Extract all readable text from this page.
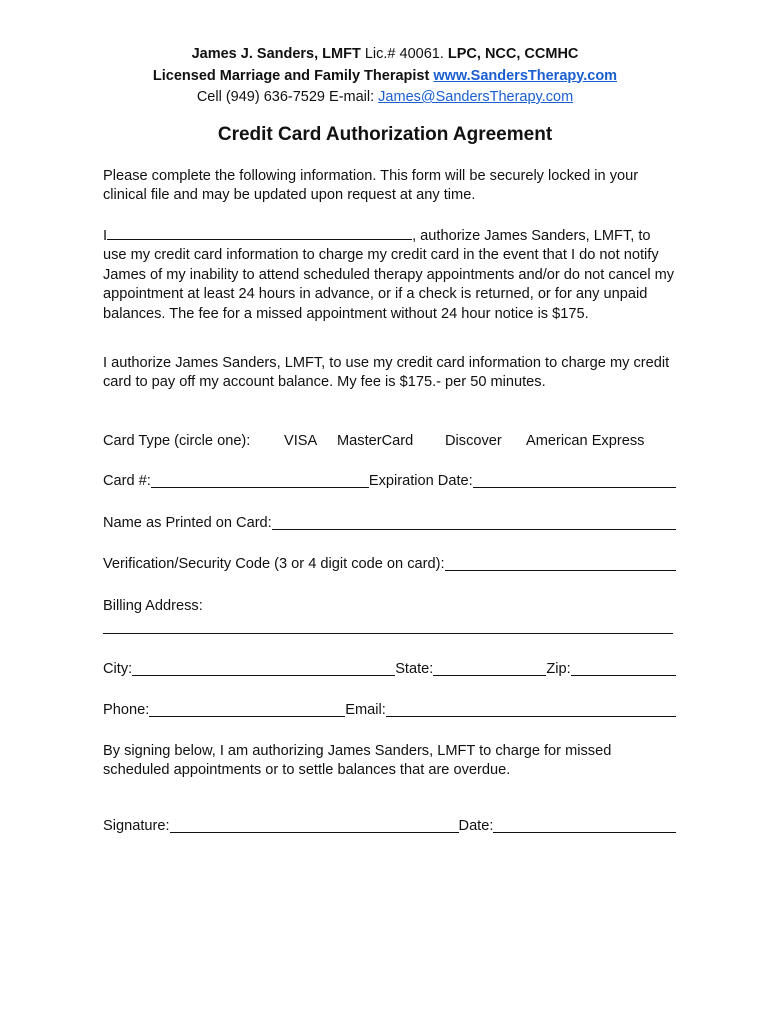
James J. Sanders, LMFT Lic.# 40061. LPC, NCC, CCMHC
Licensed Marriage and Family Therapist www.SandersTherapy.com
Cell (949) 636-7529 E-mail: James@SandersTherapy.com
Credit Card Authorization Agreement
Please complete the following information. This form will be securely locked in your clinical file and may be updated upon request at any time.
I	, authorize James Sanders, LMFT, to use my credit card information to charge my credit card in the event that I do not notify James of my inability to attend scheduled therapy appointments and/or do not cancel my appointment at least 24 hours in advance, or if a check is returned, or for any unpaid balances. The fee for a missed appointment without 24 hour notice is $175.
I authorize James Sanders, LMFT, to use my credit card information to charge my credit card to pay off my account balance. My fee is $175.- per 50 minutes.
Card Type (circle one): VISA MasterCard Discover American Express
Card #:	Expiration Date:
Name as Printed on Card:
Verification/Security Code (3 or 4 digit code on card):
Billing Address:
City:	State:	Zip:
Phone:	Email:
By signing below, I am authorizing James Sanders, LMFT to charge for missed scheduled appointments or to settle balances that are overdue.
Signature:	Date:
